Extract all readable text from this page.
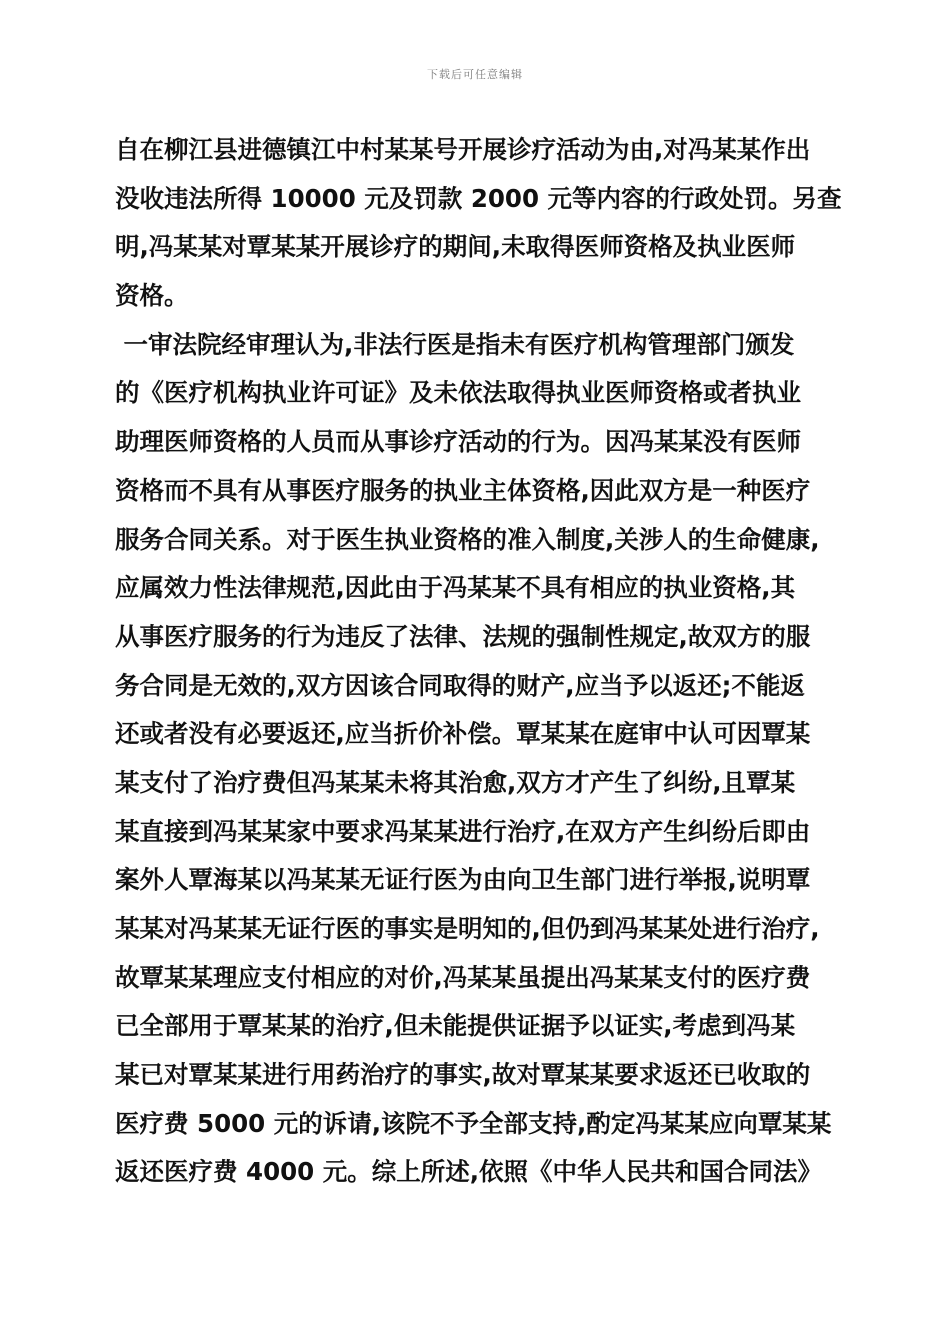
下载后可任意编辑
自在柳江县进德镇江中村某某号开展诊疗活动为由,对冯某某作出
没收违法所得 10000 元及罚款 2000 元等内容的行政处罚。另查
明,冯某某对覃某某开展诊疗的期间,未取得医师资格及执业医师
资格。
一审法院经审理认为,非法行医是指未有医疗机构管理部门颁发
的《医疗机构执业许可证》及未依法取得执业医师资格或者执业
助理医师资格的人员而从事诊疗活动的行为。因冯某某没有医师
资格而不具有从事医疗服务的执业主体资格,因此双方是一种医疗
服务合同关系。对于医生执业资格的准入制度,关涉人的生命健康,
应属效力性法律规范,因此由于冯某某不具有相应的执业资格,其
从事医疗服务的行为违反了法律、法规的强制性规定,故双方的服
务合同是无效的,双方因该合同取得的财产,应当予以返还;不能返
还或者没有必要返还,应当折价补偿。覃某某在庭审中认可因覃某
某支付了治疗费但冯某某未将其治愈,双方才产生了纠纷,且覃某
某直接到冯某某家中要求冯某某进行治疗,在双方产生纠纷后即由
案外人覃海某以冯某某无证行医为由向卫生部门进行举报,说明覃
某某对冯某某无证行医的事实是明知的,但仍到冯某某处进行治疗,
故覃某某理应支付相应的对价,冯某某虽提出冯某某支付的医疗费
已全部用于覃某某的治疗,但未能提供证据予以证实,考虑到冯某
某已对覃某某进行用药治疗的事实,故对覃某某要求返还已收取的
医疗费 5000 元的诉请,该院不予全部支持,酌定冯某某应向覃某某
返还医疗费 4000 元。综上所述,依照《中华人民共和国合同法》
